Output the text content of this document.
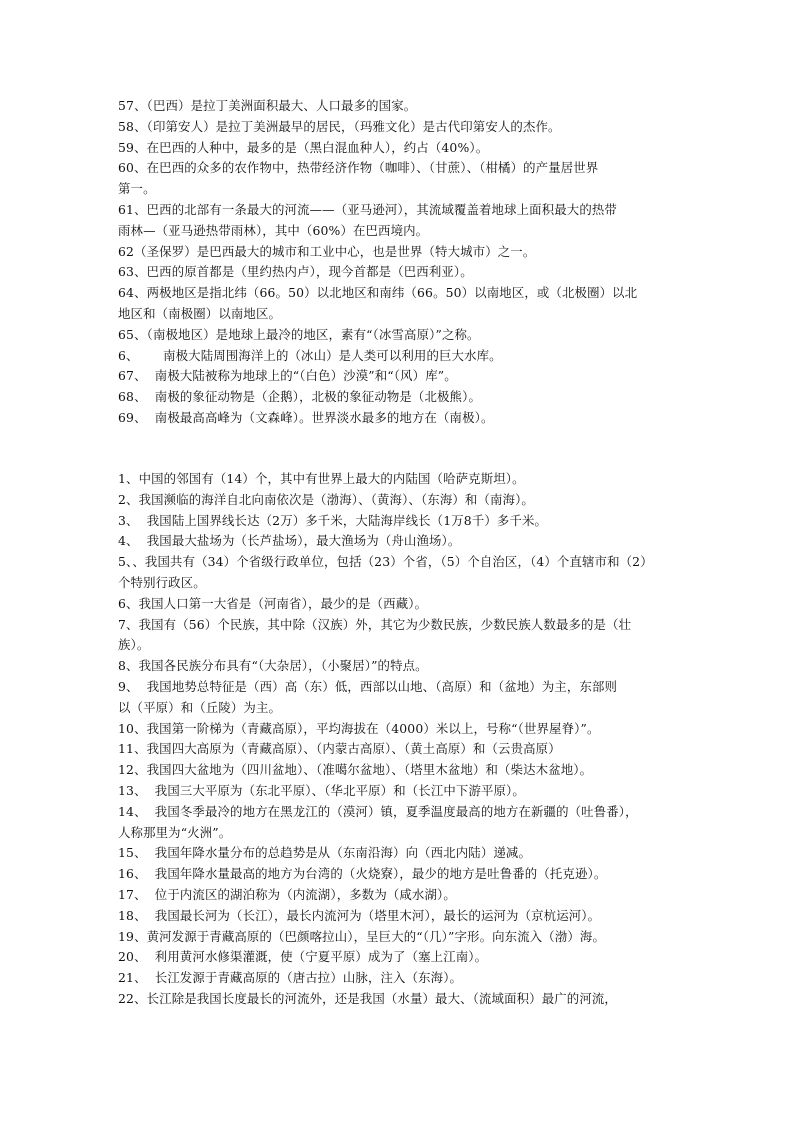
57、（巴西）是拉丁美洲面积最大、人口最多的国家。
58、（印第安人）是拉丁美洲最早的居民，（玛雅文化）是古代印第安人的杰作。
59、在巴西的人种中，最多的是（黑白混血种人），约占（40%）。
60、在巴西的众多的农作物中，热带经济作物（咖啡）、（甘蔗）、（柑橘）的产量居世界
第一。
61、巴西的北部有一条最大的河流——（亚马逊河），其流域覆盖着地球上面积最大的热带
雨林—（亚马逊热带雨林），其中（60%）在巴西境内。
62（圣保罗）是巴西最大的城市和工业中心，也是世界（特大城市）之一。
63、巴西的原首都是（里约热内卢），现今首都是（巴西利亚）。
64、两极地区是指北纬（66。50）以北地区和南纬（66。50）以南地区，或（北极圈）以北
地区和（南极圈）以南地区。
65、（南极地区）是地球上最冷的地区，素有“（冰雪高原）”之称。
6、      南极大陆周围海洋上的（冰山）是人类可以利用的巨大水库。
67、  南极大陆被称为地球上的“（白色）沙漠”和“（风）库”。
68、  南极的象征动物是（企鹅），北极的象征动物是（北极熊）。
69、  南极最高高峰为（文森峰）。世界淡水最多的地方在（南极）。
1、中国的邻国有（14）个，其中有世界上最大的内陆国（哈萨克斯坦）。
2、我国濒临的海洋自北向南依次是（渤海）、（黄海）、（东海）和（南海）。
3、  我国陆上国界线长达（2万）多千米，大陆海岸线长（1万8千）多千米。
4、  我国最大盐场为（长芦盐场），最大渔场为（舟山渔场）。
5、、我国共有（34）个省级行政单位，包括（23）个省，（5）个自治区，（4）个直辖市和（2）
个特别行政区。
6、我国人口第一大省是（河南省），最少的是（西藏）。
7、我国有（56）个民族，其中除（汉族）外，其它为少数民族，少数民族人数最多的是（壮
族）。
8、我国各民族分布具有“（大杂居），（小聚居）”的特点。
9、  我国地势总特征是（西）高（东）低，西部以山地、（高原）和（盆地）为主，东部则
以（平原）和（丘陵）为主。
10、我国第一阶梯为（青藏高原），平均海拔在（4000）米以上，号称“（世界屋脊）”。
11、我国四大高原为（青藏高原）、（内蒙古高原）、（黄土高原）和（云贵高原）
12、我国四大盆地为（四川盆地）、（准噶尔盆地）、（塔里木盆地）和（柴达木盆地）。
13、  我国三大平原为（东北平原）、（华北平原）和（长江中下游平原）。
14、  我国冬季最冷的地方在黑龙江的（漠河）镇，夏季温度最高的地方在新疆的（吐鲁番），
人称那里为“火洲”。
15、  我国年降水量分布的总趋势是从（东南沿海）向（西北内陆）递减。
16、  我国年降水量最高的地方为台湾的（火烧寮），最少的地方是吐鲁番的（托克逊）。
17、  位于内流区的湖泊称为（内流湖），多数为（咸水湖）。
18、  我国最长河为（长江），最长内流河为（塔里木河），最长的运河为（京杭运河）。
19、黄河发源于青藏高原的（巴颜喀拉山），呈巨大的“（几）”字形。向东流入（渤）海。
20、  利用黄河水修渠灌溉，使（宁夏平原）成为了（塞上江南）。
21、  长江发源于青藏高原的（唐古拉）山脉，注入（东海）。
22、长江除是我国长度最长的河流外，还是我国（水量）最大、（流域面积）最广的河流，
